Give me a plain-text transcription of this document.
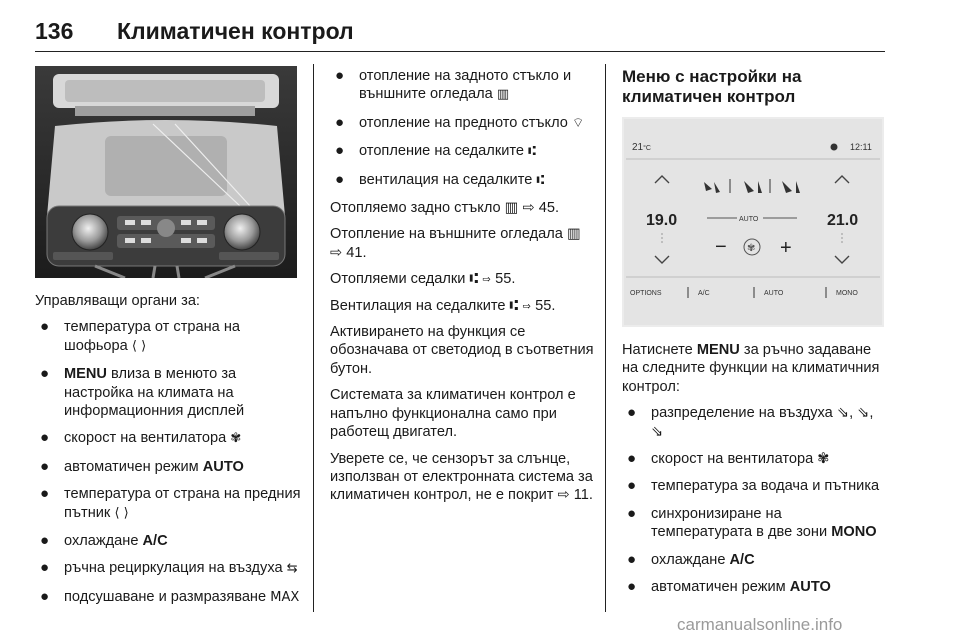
136 Климатичен контрол

Управляващи органи за:

● температура от страна на шофьора ⟨ ⟩
● MENU влиза в менюто за настройка на климата на информационния дисплей
● скорост на вентилатора ✾
● автоматичен режим AUTO
● температура от страна на предния пътник ⟨ ⟩
● охлаждане A/C
● ръчна рециркулация на въздуха ⇆
● подсушаване и размразяване MAX
● отопление на задното стъкло и външните огледала ▥
● отопление на предното стъкло ⌔
● отопление на седалките ⑆
● вентилация на седалките ⑆

Отопляемо задно стъкло ▥ ⇨ 45.

Отопление на външните огледала ▥ ⇨ 41.

Отопляеми седалки ⑆ ⇨ 55.

Вентилация на седалките ⑆ ⇨ 55.

Активирането на функция се обозначава от светодиод в съответния бутон.

Системата за климатичен контрол е напълно функционална само при работещ двигател.

Уверете се, че сензорът за слънце, използван от електронната система за климатичен контрол, не е покрит ⇨ 11.

Меню с настройки на климатичен контрол
21°C	12:11
19.0	21.0
AUTO
− ✾ +
OPTIONS	A/C	AUTO	MONO

Натиснете MENU за ръчно задаване на следните функции на климатичния контрол:

● разпределение на въздуха ⇘, ⇘, ⇘
● скорост на вентилатора ✾
● температура за водача и пътника
● синхронизиране на температурата в две зони MONO
● охлаждане A/C
● автоматичен режим AUTO
carmanualsonline.info
